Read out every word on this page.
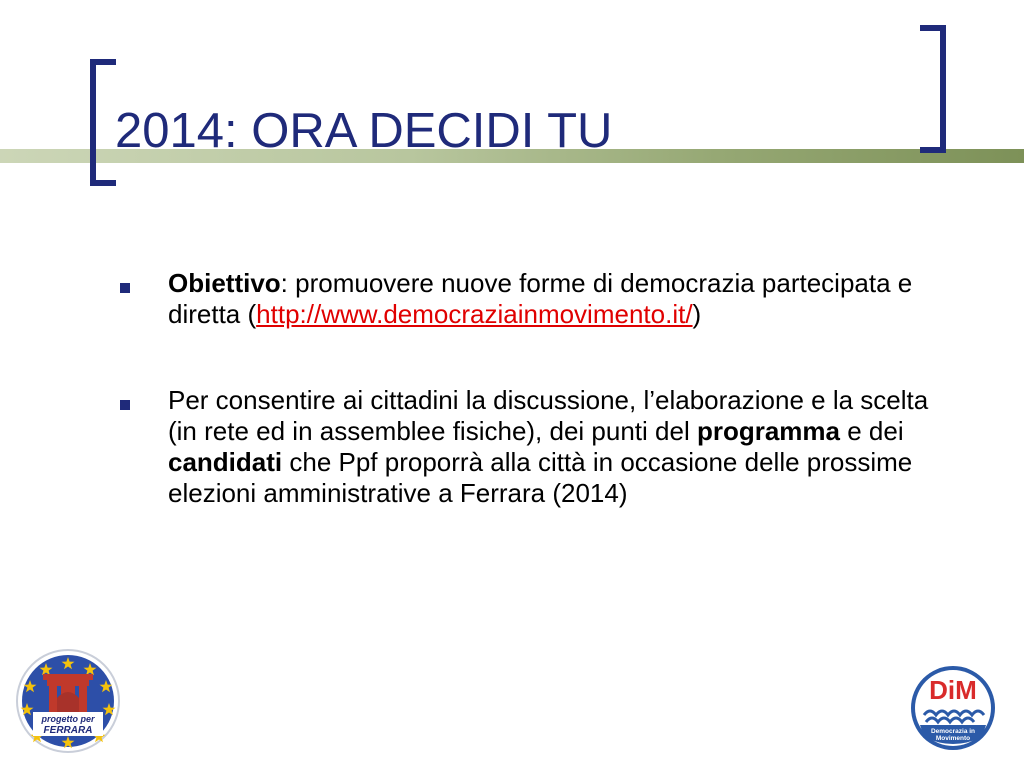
2014: ORA DECIDI TU
Obiettivo: promuovere nuove forme di democrazia partecipata e diretta (http://www.democraziainmovimento.it/)
Per consentire ai cittadini la discussione, l’elaborazione e la scelta (in rete ed in assemblee fisiche), dei punti del programma e dei candidati che Ppf proporrà alla città in occasione delle prossime elezioni amministrative a Ferrara (2014)
progetto per
FERRARA
DiM
Democrazia in
Movimento
